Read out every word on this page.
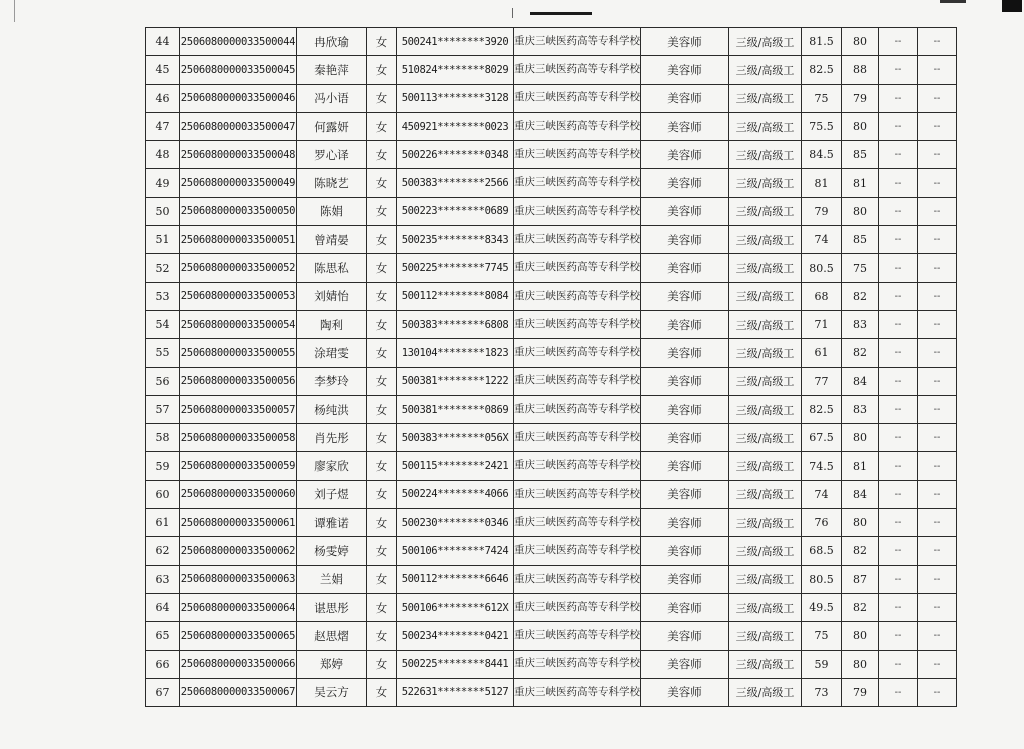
44	2506080000033500044	冉欣瑜	女	500241********3920	重庆三峡医药高等专科学校	美容师	三级/高级工	81.5	80	--	--
45	2506080000033500045	秦艳萍	女	510824********8029	重庆三峡医药高等专科学校	美容师	三级/高级工	82.5	88	--	--
46	2506080000033500046	冯小语	女	500113********3128	重庆三峡医药高等专科学校	美容师	三级/高级工	75	79	--	--
47	2506080000033500047	何露妍	女	450921********0023	重庆三峡医药高等专科学校	美容师	三级/高级工	75.5	80	--	--
48	2506080000033500048	罗心译	女	500226********0348	重庆三峡医药高等专科学校	美容师	三级/高级工	84.5	85	--	--
49	2506080000033500049	陈晓艺	女	500383********2566	重庆三峡医药高等专科学校	美容师	三级/高级工	81	81	--	--
50	2506080000033500050	陈娟	女	500223********0689	重庆三峡医药高等专科学校	美容师	三级/高级工	79	80	--	--
51	2506080000033500051	曾靖晏	女	500235********8343	重庆三峡医药高等专科学校	美容师	三级/高级工	74	85	--	--
52	2506080000033500052	陈思私	女	500225********7745	重庆三峡医药高等专科学校	美容师	三级/高级工	80.5	75	--	--
53	2506080000033500053	刘婧怡	女	500112********8084	重庆三峡医药高等专科学校	美容师	三级/高级工	68	82	--	--
54	2506080000033500054	陶利	女	500383********6808	重庆三峡医药高等专科学校	美容师	三级/高级工	71	83	--	--
55	2506080000033500055	涂珺雯	女	130104********1823	重庆三峡医药高等专科学校	美容师	三级/高级工	61	82	--	--
56	2506080000033500056	李梦玲	女	500381********1222	重庆三峡医药高等专科学校	美容师	三级/高级工	77	84	--	--
57	2506080000033500057	杨纯洪	女	500381********0869	重庆三峡医药高等专科学校	美容师	三级/高级工	82.5	83	--	--
58	2506080000033500058	肖先彤	女	500383********056X	重庆三峡医药高等专科学校	美容师	三级/高级工	67.5	80	--	--
59	2506080000033500059	廖家欣	女	500115********2421	重庆三峡医药高等专科学校	美容师	三级/高级工	74.5	81	--	--
60	2506080000033500060	刘子煜	女	500224********4066	重庆三峡医药高等专科学校	美容师	三级/高级工	74	84	--	--
61	2506080000033500061	谭雅诺	女	500230********0346	重庆三峡医药高等专科学校	美容师	三级/高级工	76	80	--	--
62	2506080000033500062	杨雯婷	女	500106********7424	重庆三峡医药高等专科学校	美容师	三级/高级工	68.5	82	--	--
63	2506080000033500063	兰娟	女	500112********6646	重庆三峡医药高等专科学校	美容师	三级/高级工	80.5	87	--	--
64	2506080000033500064	谌思彤	女	500106********612X	重庆三峡医药高等专科学校	美容师	三级/高级工	49.5	82	--	--
65	2506080000033500065	赵思熠	女	500234********0421	重庆三峡医药高等专科学校	美容师	三级/高级工	75	80	--	--
66	2506080000033500066	郑婷	女	500225********8441	重庆三峡医药高等专科学校	美容师	三级/高级工	59	80	--	--
67	2506080000033500067	吴云方	女	522631********5127	重庆三峡医药高等专科学校	美容师	三级/高级工	73	79	--	--
